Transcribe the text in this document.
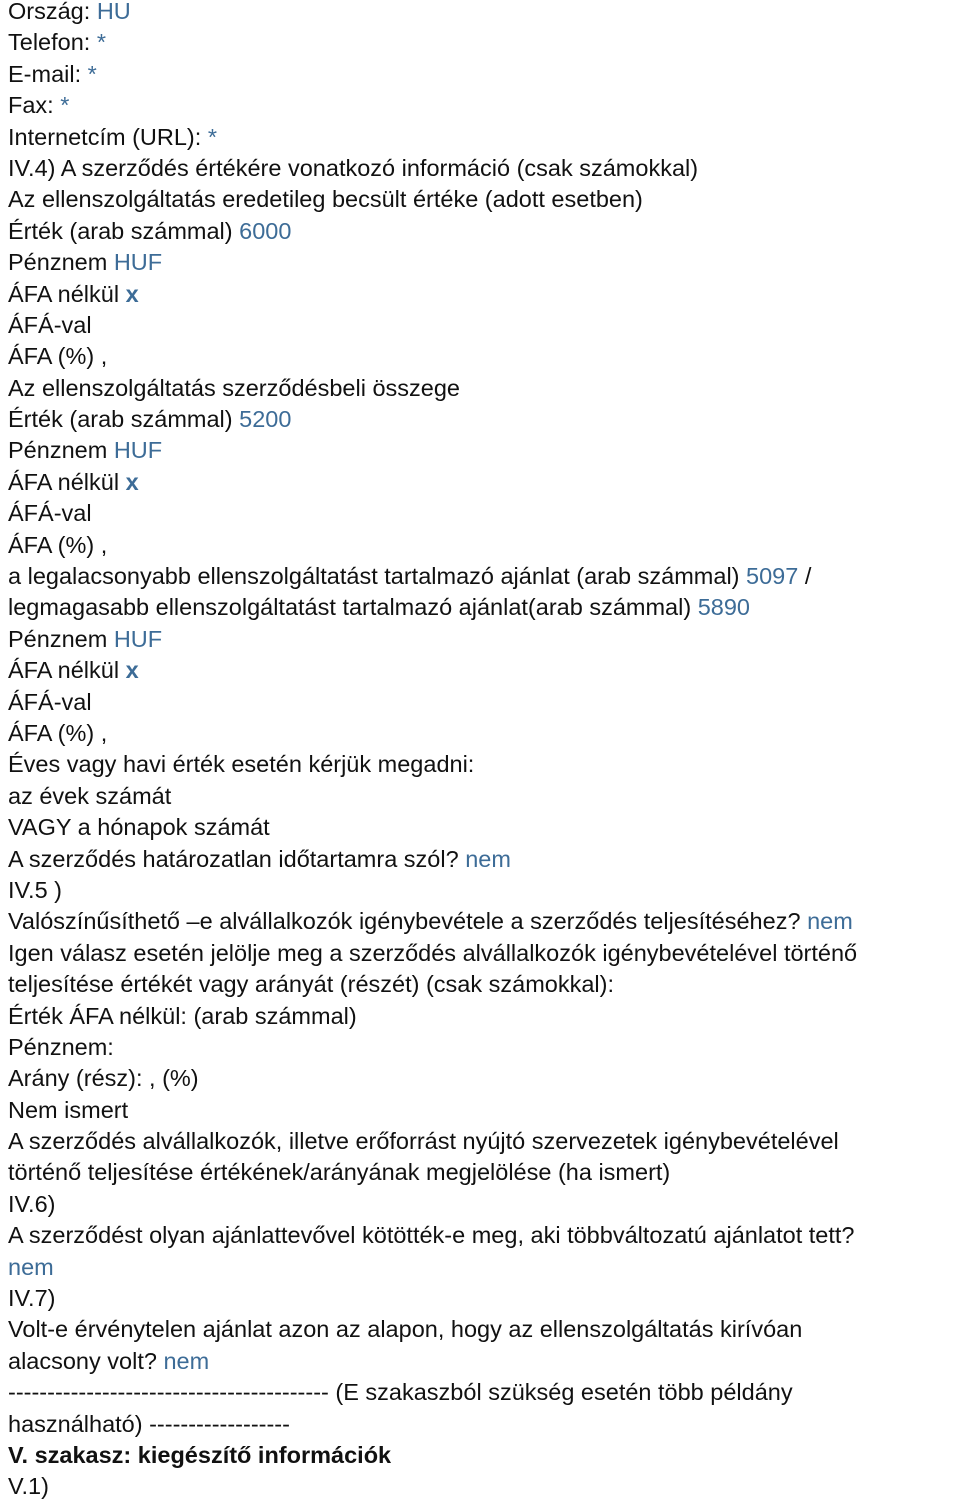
Ország: HU
Telefon: *
E-mail: *
Fax: *
Internetcím (URL): *
IV.4) A szerződés értékére vonatkozó információ (csak számokkal)
Az ellenszolgáltatás eredetileg becsült értéke (adott esetben)
Érték (arab számmal) 6000
Pénznem HUF
ÁFA nélkül x
ÁFÁ-val
ÁFA (%) ,
Az ellenszolgáltatás szerződésbeli összege
Érték (arab számmal) 5200
Pénznem HUF
ÁFA nélkül x
ÁFÁ-val
ÁFA (%) ,
a legalacsonyabb ellenszolgáltatást tartalmazó ajánlat (arab számmal) 5097 /
legmagasabb ellenszolgáltatást tartalmazó ajánlat(arab számmal) 5890
Pénznem HUF
ÁFA nélkül x
ÁFÁ-val
ÁFA (%) ,
Éves vagy havi érték esetén kérjük megadni:
az évek számát
VAGY a hónapok számát
A szerződés határozatlan időtartamra szól? nem
IV.5 )
Valószínűsíthető –e alvállalkozók igénybevétele a szerződés teljesítéséhez? nem
Igen válasz esetén jelölje meg a szerződés alvállalkozók igénybevételével történő
teljesítése értékét vagy arányát (részét) (csak számokkal):
Érték ÁFA nélkül: (arab számmal)
Pénznem:
Arány (rész): , (%)
Nem ismert
A szerződés alvállalkozók, illetve erőforrást nyújtó szervezetek igénybevételével
történő teljesítése értékének/arányának megjelölése (ha ismert)
IV.6)
A szerződést olyan ajánlattevővel kötötték-e meg, aki többváltozatú ajánlatot tett?
nem
IV.7)
Volt-e érvénytelen ajánlat azon az alapon, hogy az ellenszolgáltatás kirívóan
alacsony volt? nem
----------------------------------------- (E szakaszból szükség esetén több példány
használható) ------------------
V. szakasz: kiegészítő információk
V.1)
